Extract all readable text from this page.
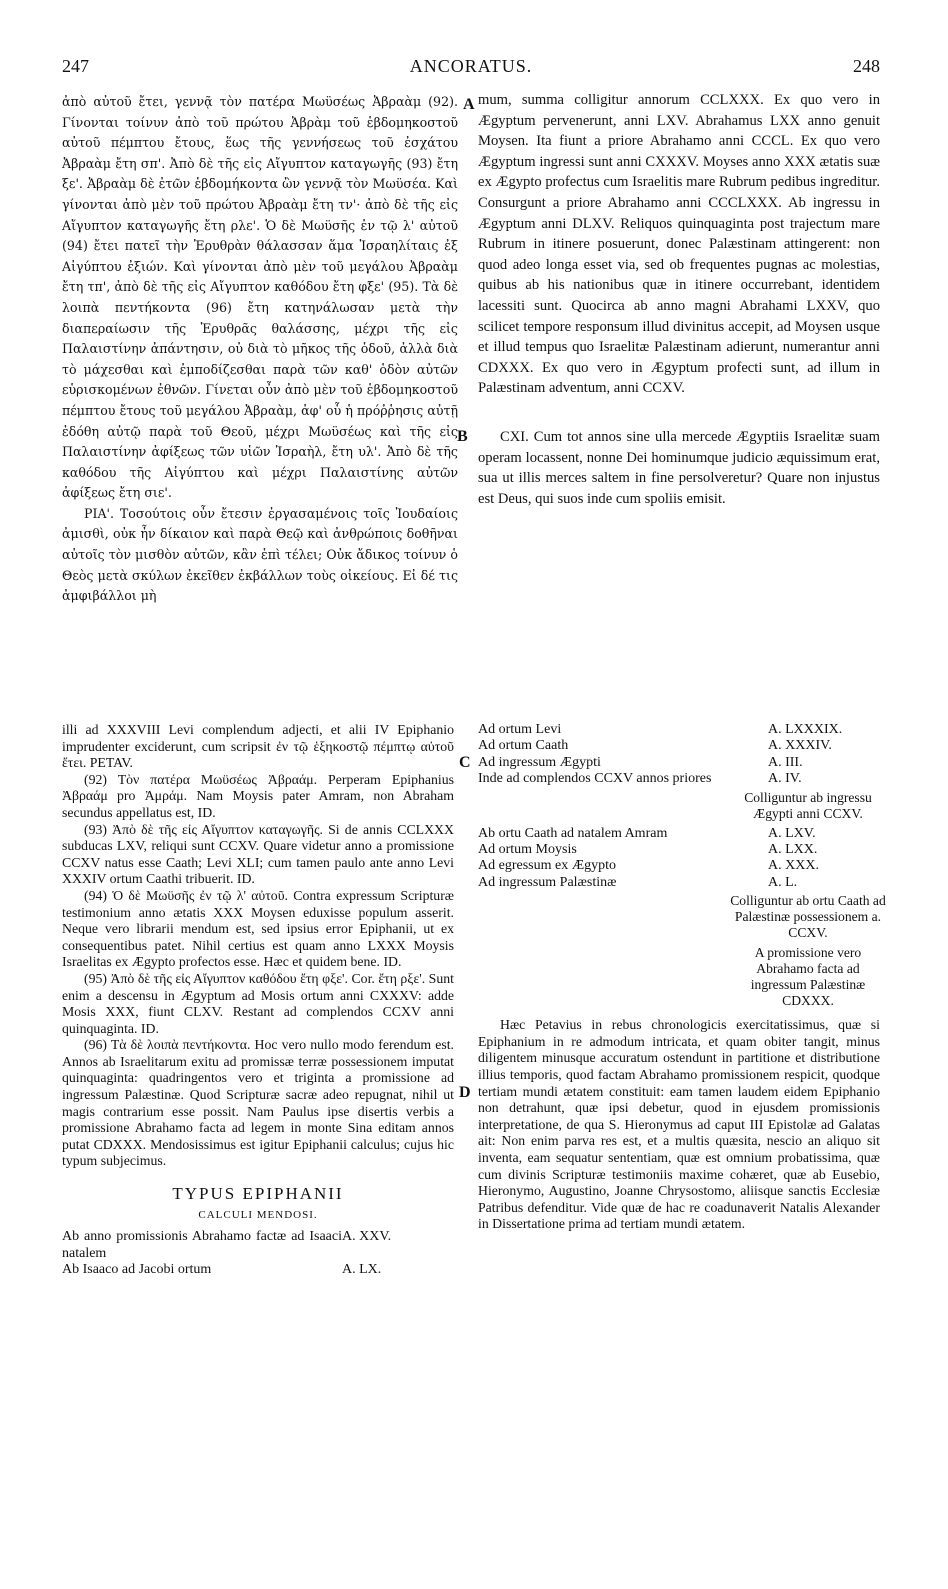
247	ANCORATUS.	248

ἀπὸ αὐτοῦ ἔτει, γεννᾷ τὸν πατέρα Μωϋσέως Ἀβραὰμ (92). Γίνονται τοίνυν ἀπὸ τοῦ πρώτου Ἀβρὰμ τοῦ ἑβδομηκοστοῦ αὐτοῦ πέμπτου ἔτους, ἕως τῆς γεννήσεως τοῦ ἐσχάτου Ἀβραὰμ ἔτη σπ'. Ἀπὸ δὲ τῆς εἰς Αἴγυπτον καταγωγῆς (93) ἔτη ξε'. Ἀβραὰμ δὲ ἐτῶν ἑβδομήκοντα ὢν γεννᾷ τὸν Μωϋσέα. Καὶ γίνονται ἀπὸ μὲν τοῦ πρώτου Ἀβραὰμ ἔτη τν'· ἀπὸ δὲ τῆς εἰς Αἴγυπτον καταγωγῆς ἔτη ρλε'. Ὁ δὲ Μωϋσῆς ἐν τῷ λ' αὐτοῦ (94) ἔτει πατεῖ τὴν Ἐρυθρὰν θάλασσαν ἅμα Ἰσραηλίταις ἐξ Αἰγύπτου ἐξιών. Καὶ γίνονται ἀπὸ μὲν τοῦ μεγάλου Ἀβραὰμ ἔτη τπ', ἀπὸ δὲ τῆς εἰς Αἴγυπτον καθόδου ἔτη φξε' (95). Τὰ δὲ λοιπὰ πεντήκοντα (96) ἔτη κατηνάλωσαν μετὰ τὴν διαπεραίωσιν τῆς Ἐρυθρᾶς θαλάσσης, μέχρι τῆς εἰς Παλαιστίνην ἀπάντησιν, οὐ διὰ τὸ μῆκος τῆς ὁδοῦ, ἀλλὰ διὰ τὸ μάχεσθαι καὶ ἐμποδίζεσθαι παρὰ τῶν καθ' ὁδὸν αὐτῶν εὑρισκομένων ἐθνῶν. Γίνεται οὖν ἀπὸ μὲν τοῦ ἑβδομηκοστοῦ πέμπτου ἔτους τοῦ μεγάλου Ἀβραὰμ, ἀφ' οὗ ἡ πρόῤῥησις αὐτῇ ἐδόθη αὐτῷ παρὰ τοῦ Θεοῦ, μέχρι Μωϋσέως καὶ τῆς εἰς Παλαιστίνην ἀφίξεως τῶν υἱῶν Ἰσραὴλ, ἔτη υλ'. Ἀπὸ δὲ τῆς καθόδου τῆς Αἰγύπτου καὶ μέχρι Παλαιστίνης αὐτῶν ἀφίξεως ἔτη σιε'.

ΡΙΑ'. Τοσούτοις οὖν ἔτεσιν ἐργασαμένοις τοῖς Ἰουδαίοις ἀμισθὶ, οὐκ ἦν δίκαιον καὶ παρὰ Θεῷ καὶ ἀνθρώποις δοθῆναι αὐτοῖς τὸν μισθὸν αὐτῶν, κἂν ἐπὶ τέλει; Οὐκ ἄδικος τοίνυν ὁ Θεὸς μετὰ σκύλων ἐκεῖθεν ἐκβάλλων τοὺς οἰκείους. Εἰ δέ τις ἀμφιβάλλοι μὴ

mum, summa colligitur annorum CCLXXX. Ex quo vero in Ægyptum pervenerunt, anni LXV. Abrahamus LXX anno genuit Moysen. Ita fiunt a priore Abrahamo anni CCCL. Ex quo vero Ægyptum ingressi sunt anni CXXXV. Moyses anno XXX ætatis suæ ex Ægypto profectus cum Israelitis mare Rubrum pedibus ingreditur. Consurgunt a priore Abrahamo anni CCCLXXX. Ab ingressu in Ægyptum anni DLXV. Reliquos quinquaginta post trajectum mare Rubrum in itinere posuerunt, donec Palæstinam attingerent: non quod adeo longa esset via, sed ob frequentes pugnas ac molestias, quibus ab his nationibus quæ in itinere occurrebant, identidem lacessiti sunt. Quocirca ab anno magni Abrahami LXXV, quo scilicet tempore responsum illud divinitus accepit, ad Moysen usque et illud tempus quo Israelitæ Palæstinam adierunt, numerantur anni CDXXX. Ex quo vero in Ægyptum profecti sunt, ad illum in Palæstinam adventum, anni CCXV.

CXI. Cum tot annos sine ulla mercede Ægyptiis Israelitæ suam operam locassent, nonne Dei hominumque judicio æquissimum erat, sua ut illis merces saltem in fine persolveretur? Quare non injustus est Deus, qui suos inde cum spoliis emisit.

A
B
C
D

illi ad XXXVIII Levi complendum adjecti, et alii IV Epiphanio imprudenter exciderunt, cum scripsit ἐν τῷ ἑξηκοστῷ πέμπτῳ αὐτοῦ ἔτει. PETAV.

(92) Τὸν πατέρα Μωϋσέως Ἀβραάμ. Perperam Epiphanius Ἀβραάμ pro Ἀμράμ. Nam Moysis pater Amram, non Abraham secundus appellatus est, ID.

(93) Ἀπὸ δὲ τῆς εἰς Αἴγυπτον καταγωγῆς. Si de annis CCLXXX subducas LXV, reliqui sunt CCXV. Quare videtur anno a promissione CCXV natus esse Caath; Levi XLI; cum tamen paulo ante anno Levi XXXIV ortum Caathi tribuerit. ID.

(94) Ὁ δὲ Μωϋσῆς ἐν τῷ λ' αὐτοῦ. Contra expressum Scripturæ testimonium anno ætatis XXX Moysen eduxisse populum asserit. Neque vero librarii mendum est, sed ipsius error Epiphanii, ut ex consequentibus patet. Nihil certius est quam anno LXXX Moysis Israelitas ex Ægypto profectos esse. Hæc et quidem bene. ID.

(95) Ἀπὸ δὲ τῆς εἰς Αἴγυπτον καθόδου ἔτη φξε'. Cor. ἔτη ρξε'. Sunt enim a descensu in Ægyptum ad Mosis ortum anni CXXXV: adde Mosis XXX, fiunt CLXV. Restant ad complendos CCXV anni quinquaginta. ID.

(96) Τὰ δὲ λοιπὰ πεντήκοντα. Hoc vero nullo modo ferendum est. Annos ab Israelitarum exitu ad promissæ terræ possessionem imputat quinquaginta: quadringentos vero et triginta a promissione ad ingressum Palæstinæ. Quod Scripturæ sacræ adeo repugnat, nihil ut magis contrarium esse possit. Nam Paulus ipse disertis verbis a promissione Abrahamo facta ad legem in monte Sina editam annos putat CDXXX. Mendosissimus est igitur Epiphanii calculus; cujus hic typum subjecimus.

TYPUS EPIPHANII
CALCULI MENDOSI.
Ab anno promissionis Abrahamo factæ ad Isaaci natalem
A. XXV.
Ab Isaaco ad Jacobi ortum	A. LX.
Ad ortum Levi	A. LXXXIX.
Ad ortum Caath	A. XXXIV.
Ad ingressum Ægypti	A. III.
Inde ad complendos CCXV annos priores	A. IV.
Colliguntur ab ingressu Ægypti anni CCXV.
Ab ortu Caath ad natalem Amram	A. LXV.
Ad ortum Moysis	A. LXX.
Ad egressum ex Ægypto	A. XXX.
Ad ingressum Palæstinæ	A. L.
Colliguntur ab ortu Caath ad Palæstinæ possessionem a. CCXV.
A promissione vero Abrahamo facta ad ingressum Palæstinæ CDXXX.

Hæc Petavius in rebus chronologicis exercitatissimus, quæ si Epiphanium in re admodum intricata, et quam obiter tangit, minus diligentem minusque accuratum ostendunt in partitione et distributione illius temporis, quod factam Abrahamo promissionem respicit, quodque tertiam mundi ætatem constituit: eam tamen laudem eidem Epiphanio non detrahunt, quæ ipsi debetur, quod in ejusdem promissionis interpretatione, de qua S. Hieronymus ad caput III Epistolæ ad Galatas ait: Non enim parva res est, et a multis quæsita, nescio an aliquo sit inventa, eam sequatur sententiam, quæ est omnium probatissima, quæ cum divinis Scripturæ testimoniis maxime cohæret, quæ ab Eusebio, Hieronymo, Augustino, Joanne Chrysostomo, aliisque sanctis Ecclesiæ Patribus defenditur. Vide quæ de hac re coadunaverit Natalis Alexander in Dissertatione prima ad tertiam mundi ætatem.
